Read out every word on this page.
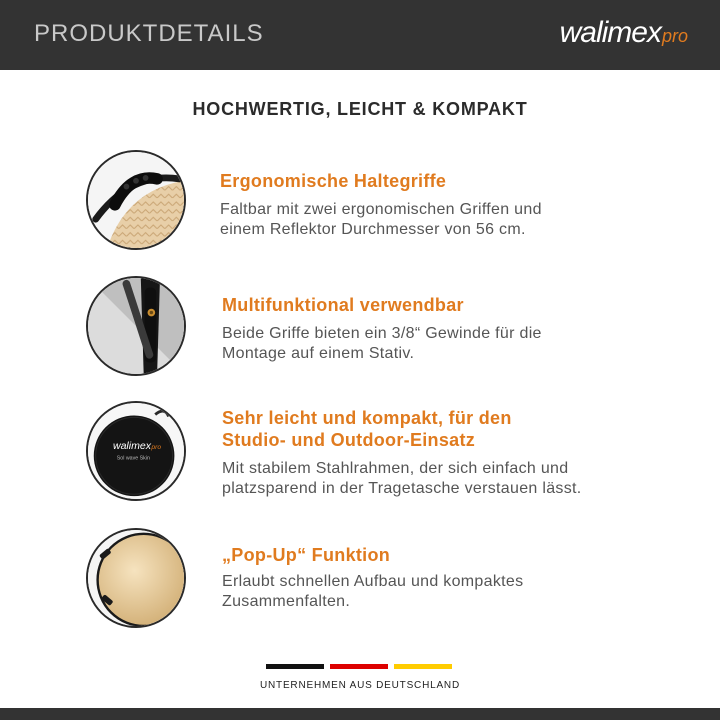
PRODUKTDETAILS	walimex pro
HOCHWERTIG, LEICHT & KOMPAKT
Ergonomische Haltegriffe
Faltbar mit zwei ergonomischen Griffen und
einem Reflektor Durchmesser von 56 cm.
Multifunktional verwendbar
Beide Griffe bieten ein 3/8“ Gewinde für die
Montage auf einem Stativ.
walimex pro
Sol wave Skin
Sehr leicht und kompakt, für den
Studio- und Outdoor-Einsatz
Mit stabilem Stahlrahmen, der sich einfach und
platzsparend in der Tragetasche verstauen lässt.
„Pop-Up“ Funktion
Erlaubt schnellen Aufbau und kompaktes
Zusammenfalten.
UNTERNEHMEN AUS DEUTSCHLAND
